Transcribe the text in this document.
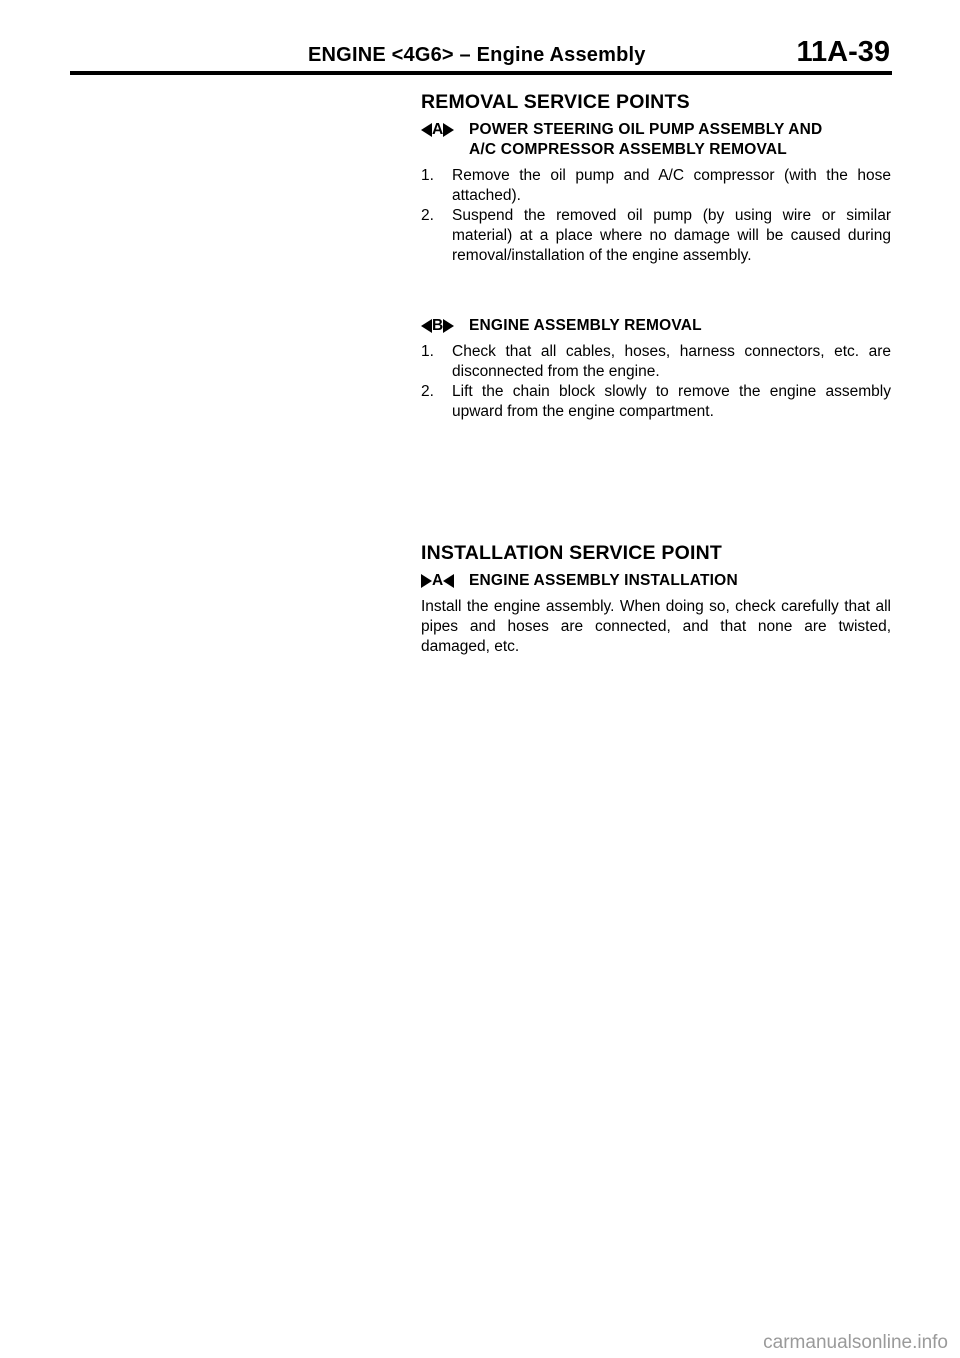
ENGINE <4G6> – Engine Assembly	11A-39
REMOVAL SERVICE POINTS
A POWER STEERING OIL PUMP ASSEMBLY AND
A/C COMPRESSOR ASSEMBLY REMOVAL
1.	Remove the oil pump and A/C compressor (with the hose attached).
2.	Suspend the removed oil pump (by using wire or similar material) at a place where no damage will be caused during removal/installation of the engine assembly.
B ENGINE ASSEMBLY REMOVAL
1.	Check that all cables, hoses, harness connectors, etc. are disconnected from the engine.
2.	Lift the chain block slowly to remove the engine assembly upward from the engine compartment.
INSTALLATION SERVICE POINT
A ENGINE ASSEMBLY INSTALLATION
Install the engine assembly. When doing so, check carefully that all pipes and hoses are connected, and that none are twisted, damaged, etc.
carmanualsonline.info
